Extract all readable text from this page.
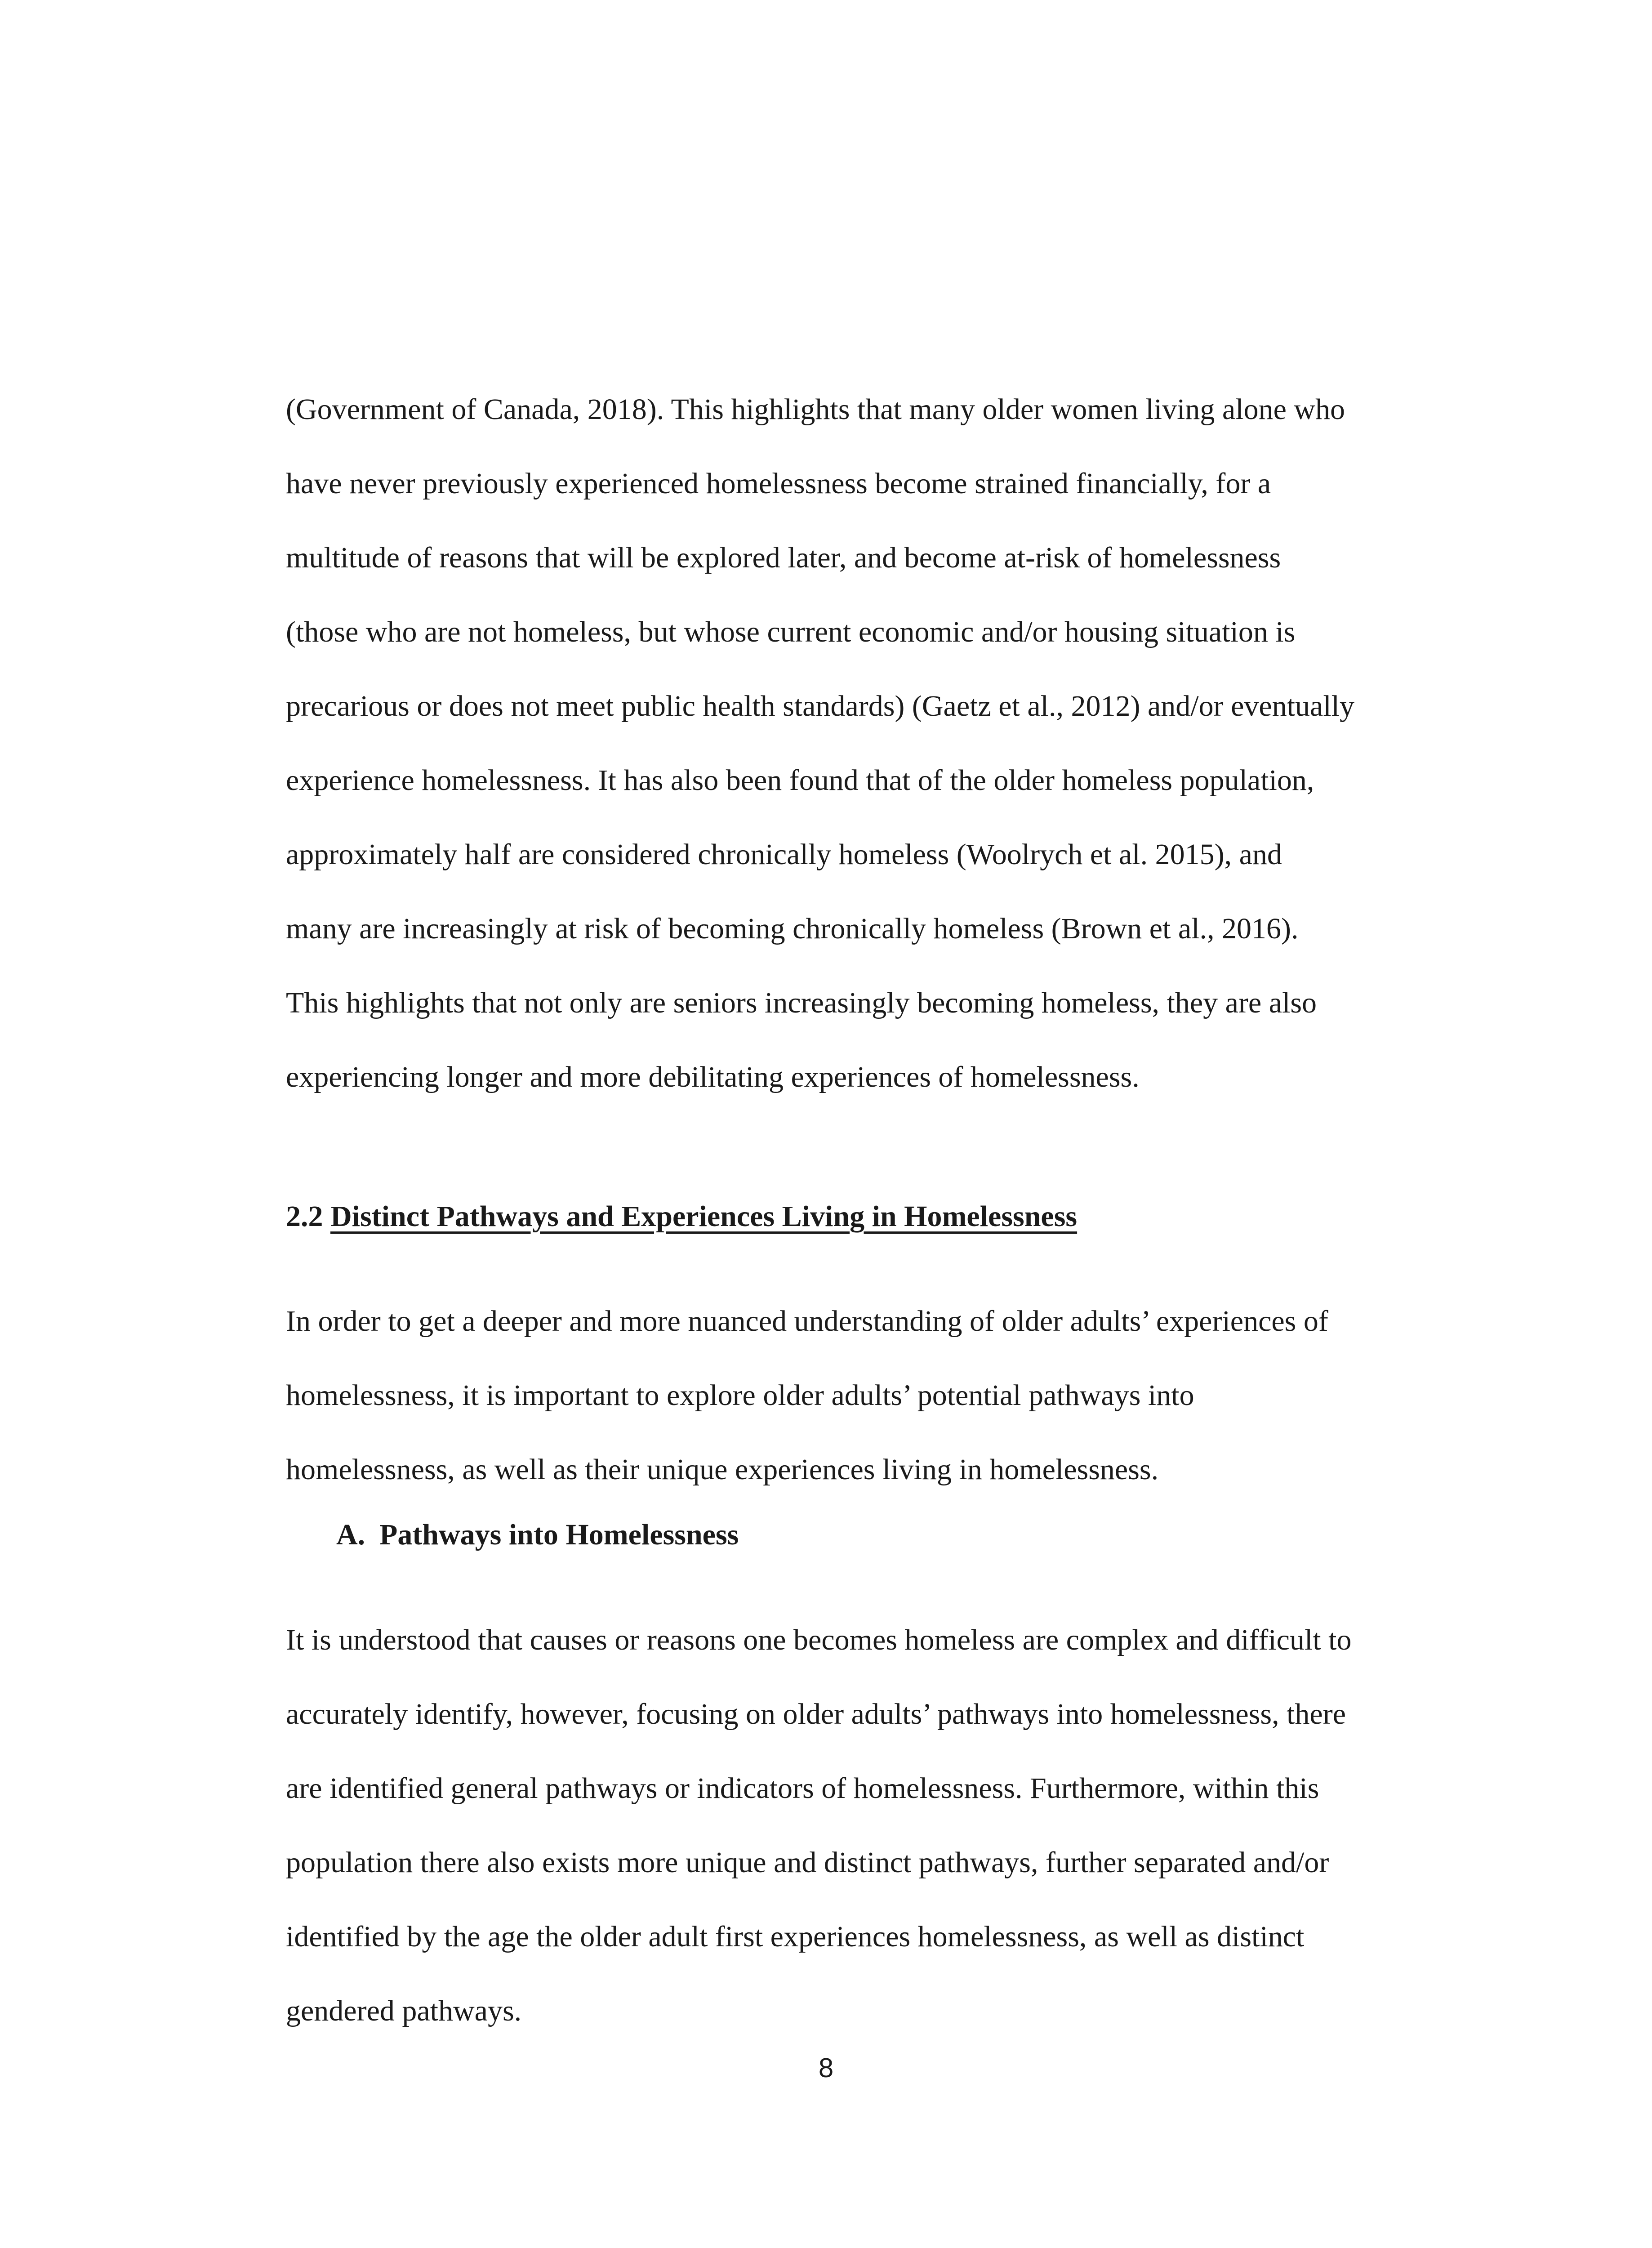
(Government of Canada, 2018). This highlights that many older women living alone who
have never previously experienced homelessness become strained financially, for a
multitude of reasons that will be explored later, and become at-risk of homelessness
(those who are not homeless, but whose current economic and/or housing situation is
precarious or does not meet public health standards) (Gaetz et al., 2012) and/or eventually
experience homelessness. It has also been found that of the older homeless population,
approximately half are considered chronically homeless (Woolrych et al. 2015), and
many are increasingly at risk of becoming chronically homeless (Brown et al., 2016).
This highlights that not only are seniors increasingly becoming homeless, they are also
experiencing longer and more debilitating experiences of homelessness.
2.2 Distinct Pathways and Experiences Living in Homelessness
In order to get a deeper and more nuanced understanding of older adults’ experiences of
homelessness, it is important to explore older adults’ potential pathways into
homelessness, as well as their unique experiences living in homelessness.
A. Pathways into Homelessness
It is understood that causes or reasons one becomes homeless are complex and difficult to
accurately identify, however, focusing on older adults’ pathways into homelessness, there
are identified general pathways or indicators of homelessness. Furthermore, within this
population there also exists more unique and distinct pathways, further separated and/or
identified by the age the older adult first experiences homelessness, as well as distinct
gendered pathways.
8
